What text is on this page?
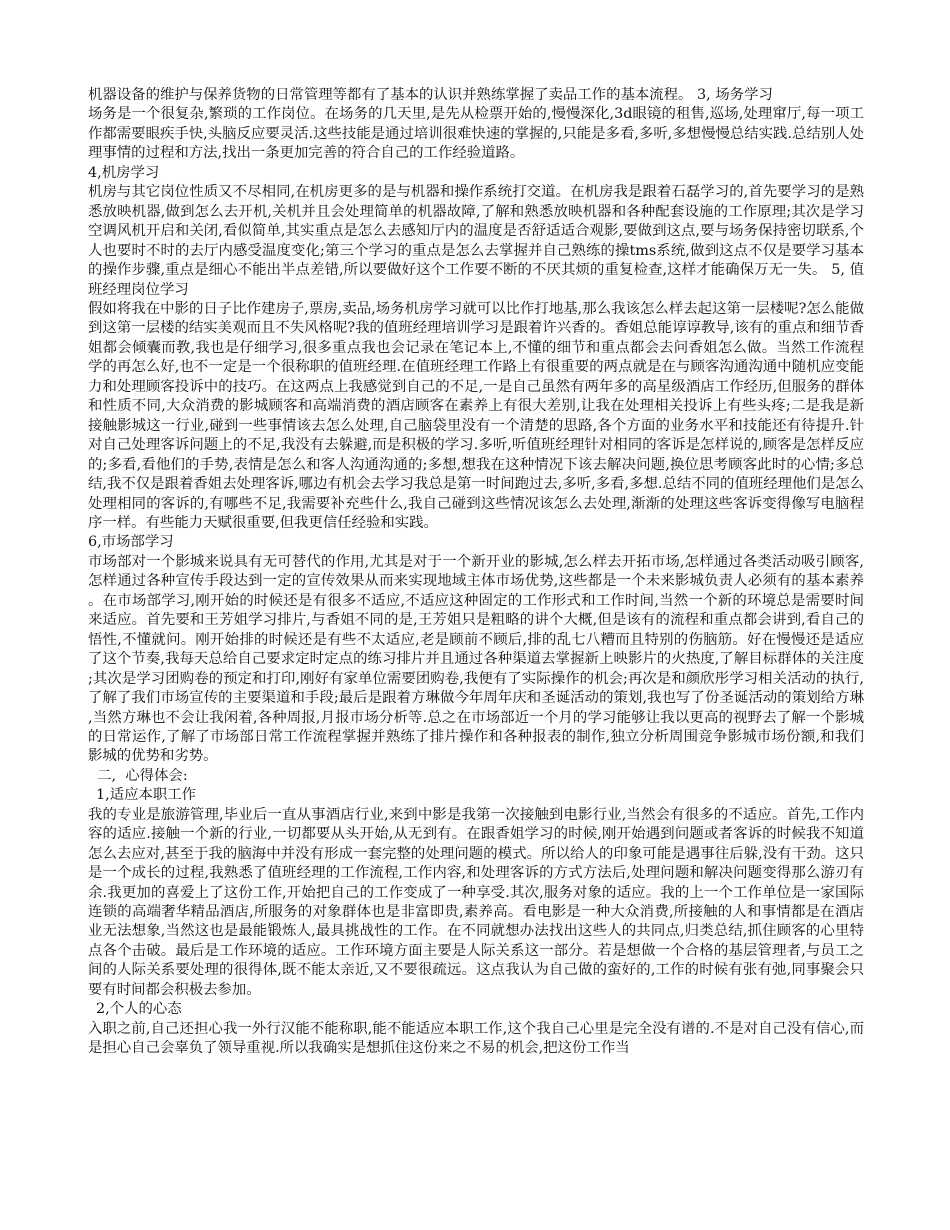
机器设备的维护与保养货物的日常管理等都有了基本的认识并熟练掌握了卖品工作的基本流程。 3, 场务学习

场务是一个很复杂,繁琐的工作岗位。在场务的几天里,是先从检票开始的,慢慢深化,3d眼镜的租售,巡场,处理窜厅,每一项工作都需要眼疾手快,头脑反应要灵活.这些技能是通过培训很难快速的掌握的,只能是多看,多听,多想慢慢总结实践.总结别人处理事情的过程和方法,找出一条更加完善的符合自己的工作经验道路。

4,机房学习

机房与其它岗位性质又不尽相同,在机房更多的是与机器和操作系统打交道。在机房我是跟着石磊学习的,首先要学习的是熟悉放映机器,做到怎么去开机,关机并且会处理简单的机器故障,了解和熟悉放映机器和各种配套设施的工作原理;其次是学习空调风机开启和关闭,看似简单,其实重点是怎么去感知厅内的温度是否舒适适合观影,要做到这点,要与场务保持密切联系,个人也要时不时的去厅内感受温度变化;第三个学习的重点是怎么去掌握并自己熟练的操tms系统,做到这点不仅是要学习基本的操作步骤,重点是细心不能出半点差错,所以要做好这个工作要不断的不厌其烦的重复检查,这样才能确保万无一失。 5, 值班经理岗位学习

假如将我在中影的日子比作建房子,票房,卖品,场务机房学习就可以比作打地基,那么我该怎么样去起这第一层楼呢?怎么能做到这第一层楼的结实美观而且不失风格呢?我的值班经理培训学习是跟着许兴香的。香姐总能谆谆教导,该有的重点和细节香姐都会倾囊而教,我也是仔细学习,很多重点我也会记录在笔记本上,不懂的细节和重点都会去问香姐怎么做。当然工作流程学的再怎么好,也不一定是一个很称职的值班经理.在值班经理工作路上有很重要的两点就是在与顾客沟通沟通中随机应变能力和处理顾客投诉中的技巧。在这两点上我感觉到自己的不足,一是自己虽然有两年多的高星级酒店工作经历,但服务的群体和性质不同,大众消费的影城顾客和高端消费的酒店顾客在素养上有很大差别,让我在处理相关投诉上有些头疼;二是我是新接触影城这一行业,碰到一些事情该去怎么处理,自己脑袋里没有一个清楚的思路,各个方面的业务水平和技能还有待提升.针对自己处理客诉问题上的不足,我没有去躲避,而是积极的学习.多听,听值班经理针对相同的客诉是怎样说的,顾客是怎样反应的;多看,看他们的手势,表情是怎么和客人沟通沟通的;多想,想我在这种情况下该去解决问题,换位思考顾客此时的心情;多总结,我不仅是跟着香姐去处理客诉,哪边有机会去学习我总是第一时间跑过去,多听,多看,多想.总结不同的值班经理他们是怎么处理相同的客诉的,有哪些不足,我需要补充些什么,我自己碰到这些情况该怎么去处理,渐渐的处理这些客诉变得像写电脑程序一样。有些能力天赋很重要,但我更信任经验和实践。

6,市场部学习

市场部对一个影城来说具有无可替代的作用,尤其是对于一个新开业的影城,怎么样去开拓市场,怎样通过各类活动吸引顾客,怎样通过各种宣传手段达到一定的宣传效果从而来实现地域主体市场优势,这些都是一个未来影城负责人必须有的基本素养。在市场部学习,刚开始的时候还是有很多不适应,不适应这种固定的工作形式和工作时间,当然一个新的环境总是需要时间来适应。首先要和王芳姐学习排片,与香姐不同的是,王芳姐只是粗略的讲个大概,但是该有的流程和重点都会讲到,看自己的悟性,不懂就问。刚开始排的时候还是有些不太适应,老是顾前不顾后,排的乱七八糟而且特别的伤脑筋。好在慢慢还是适应了这个节奏,我每天总给自己要求定时定点的练习排片并且通过各种渠道去掌握新上映影片的火热度,了解目标群体的关注度;其次是学习团购卷的预定和打印,刚好有家单位需要团购卷,我便有了实际操作的机会;再次是和颜欣彤学习相关活动的执行,了解了我们市场宣传的主要渠道和手段;最后是跟着方琳做今年周年庆和圣诞活动的策划,我也写了份圣诞活动的策划给方琳,当然方琳也不会让我闲着,各种周报,月报市场分析等.总之在市场部近一个月的学习能够让我以更高的视野去了解一个影城的日常运作,了解了市场部日常工作流程掌握并熟练了排片操作和各种报表的制作,独立分析周围竞争影城市场份额,和我们影城的优势和劣势。

二,  心得体会:

1,适应本职工作

我的专业是旅游管理,毕业后一直从事酒店行业,来到中影是我第一次接触到电影行业,当然会有很多的不适应。首先,工作内容的适应.接触一个新的行业,一切都要从头开始,从无到有。在跟香姐学习的时候,刚开始遇到问题或者客诉的时候我不知道怎么去应对,甚至于我的脑海中并没有形成一套完整的处理问题的模式。所以给人的印象可能是遇事往后躲,没有干劲。这只是一个成长的过程,我熟悉了值班经理的工作流程,工作内容,和处理客诉的方式方法后,处理问题和解决问题变得那么游刃有余.我更加的喜爱上了这份工作,开始把自己的工作变成了一种享受.其次,服务对象的适应。我的上一个工作单位是一家国际连锁的高端奢华精品酒店,所服务的对象群体也是非富即贵,素养高。看电影是一种大众消费,所接触的人和事情都是在酒店业无法想象,当然这也是最能锻炼人,最具挑战性的工作。在不同就想办法找出这些人的共同点,归类总结,抓住顾客的心里特点各个击破。最后是工作环境的适应。工作环境方面主要是人际关系这一部分。若是想做一个合格的基层管理者,与员工之间的人际关系要处理的很得体,既不能太亲近,又不要很疏远。这点我认为自己做的蛮好的,工作的时候有张有弛,同事聚会只要有时间都会积极去参加。

2,个人的心态

入职之前,自己还担心我一外行汉能不能称职,能不能适应本职工作,这个我自己心里是完全没有谱的.不是对自己没有信心,而是担心自己会辜负了领导重视.所以我确实是想抓住这份来之不易的机会,把这份工作当
